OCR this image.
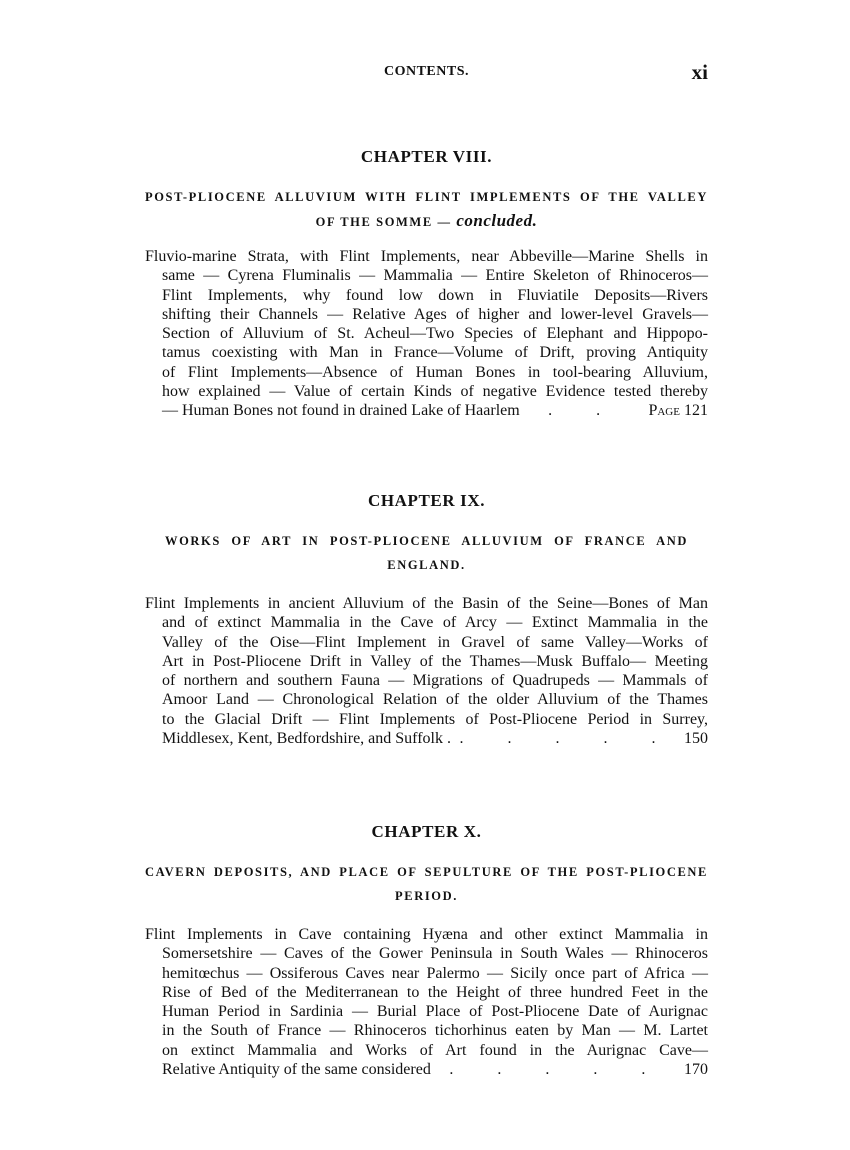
CONTENTS.	xi
CHAPTER VIII.
POST-PLIOCENE ALLUVIUM WITH FLINT IMPLEMENTS OF THE VALLEY
OF THE SOMME — concluded.

Fluvio-marine Strata, with Flint Implements, near Abbeville—Marine Shells in
same — Cyrena Fluminalis — Mammalia — Entire Skeleton of Rhinoceros—
Flint Implements, why found low down in Fluviatile Deposits—Rivers
shifting their Channels — Relative Ages of higher and lower-level Gravels—
Section of Alluvium of St. Acheul—Two Species of Elephant and Hippopo-
tamus coexisting with Man in France—Volume of Drift, proving Antiquity
of Flint Implements—Absence of Human Bones in tool-bearing Alluvium,
how explained — Value of certain Kinds of negative Evidence tested thereby
— Human Bones not found in drained Lake of Haarlem . . Page 121

CHAPTER IX.
WORKS OF ART IN POST-PLIOCENE ALLUVIUM OF FRANCE AND
ENGLAND.

Flint Implements in ancient Alluvium of the Basin of the Seine—Bones of Man
and of extinct Mammalia in the Cave of Arcy — Extinct Mammalia in the
Valley of the Oise—Flint Implement in Gravel of same Valley—Works of
Art in Post-Pliocene Drift in Valley of the Thames—Musk Buffalo— Meeting
of northern and southern Fauna — Migrations of Quadrupeds — Mammals of
Amoor Land — Chronological Relation of the older Alluvium of the Thames
to the Glacial Drift — Flint Implements of Post-Pliocene Period in Surrey,
Middlesex, Kent, Bedfordshire, and Suffolk . . . . . . 150

CHAPTER X.
CAVERN DEPOSITS, AND PLACE OF SEPULTURE OF THE POST-PLIOCENE
PERIOD.

Flint Implements in Cave containing Hyæna and other extinct Mammalia in
Somersetshire — Caves of the Gower Peninsula in South Wales — Rhinoceros
hemitœchus — Ossiferous Caves near Palermo — Sicily once part of Africa —
Rise of Bed of the Mediterranean to the Height of three hundred Feet in the
Human Period in Sardinia — Burial Place of Post-Pliocene Date of Aurignac
in the South of France — Rhinoceros tichorhinus eaten by Man — M. Lartet
on extinct Mammalia and Works of Art found in the Aurignac Cave—
Relative Antiquity of the same considered . . . . . 170
